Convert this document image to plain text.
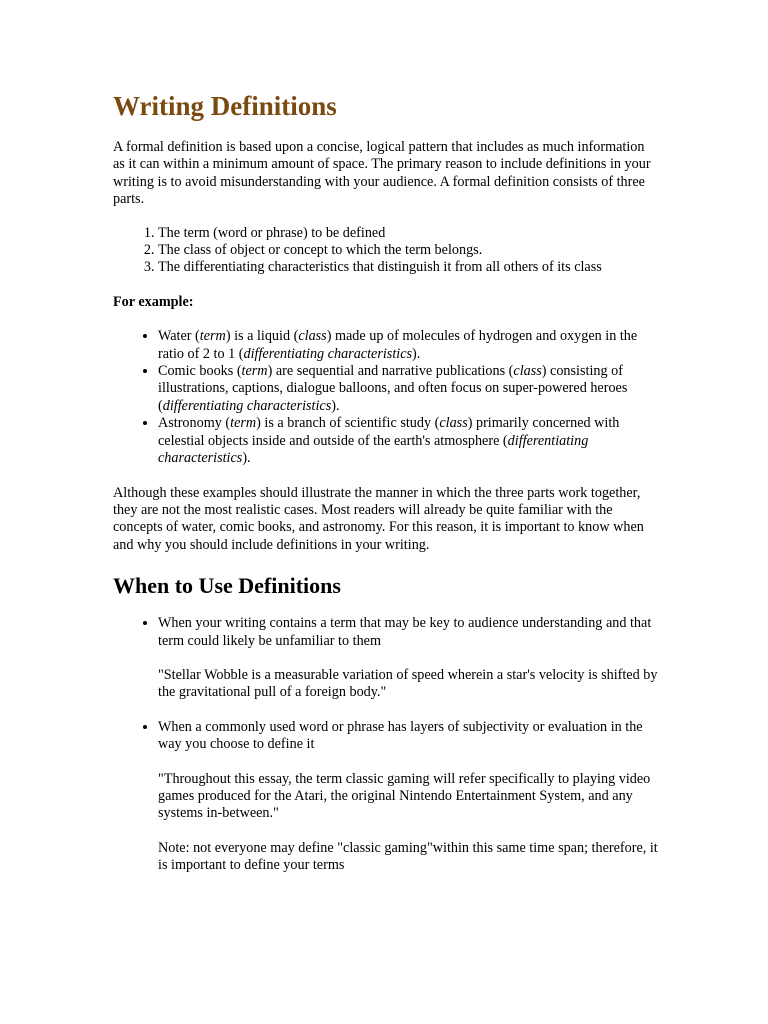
Writing Definitions

A formal definition is based upon a concise, logical pattern that includes as much information as it can within a minimum amount of space. The primary reason to include definitions in your writing is to avoid misunderstanding with your audience. A formal definition consists of three parts.

1. The term (word or phrase) to be defined
2. The class of object or concept to which the term belongs.
3. The differentiating characteristics that distinguish it from all others of its class

For example:

• Water (term) is a liquid (class) made up of molecules of hydrogen and oxygen in the ratio of 2 to 1 (differentiating characteristics).
• Comic books (term) are sequential and narrative publications (class) consisting of illustrations, captions, dialogue balloons, and often focus on super-powered heroes (differentiating characteristics).
• Astronomy (term) is a branch of scientific study (class) primarily concerned with celestial objects inside and outside of the earth's atmosphere (differentiating characteristics).

Although these examples should illustrate the manner in which the three parts work together, they are not the most realistic cases. Most readers will already be quite familiar with the concepts of water, comic books, and astronomy. For this reason, it is important to know when and why you should include definitions in your writing.

When to Use Definitions

• When your writing contains a term that may be key to audience understanding and that term could likely be unfamiliar to them

"Stellar Wobble is a measurable variation of speed wherein a star's velocity is shifted by the gravitational pull of a foreign body."

• When a commonly used word or phrase has layers of subjectivity or evaluation in the way you choose to define it

"Throughout this essay, the term classic gaming will refer specifically to playing video games produced for the Atari, the original Nintendo Entertainment System, and any systems in-between."

Note: not everyone may define "classic gaming"within this same time span; therefore, it is important to define your terms
